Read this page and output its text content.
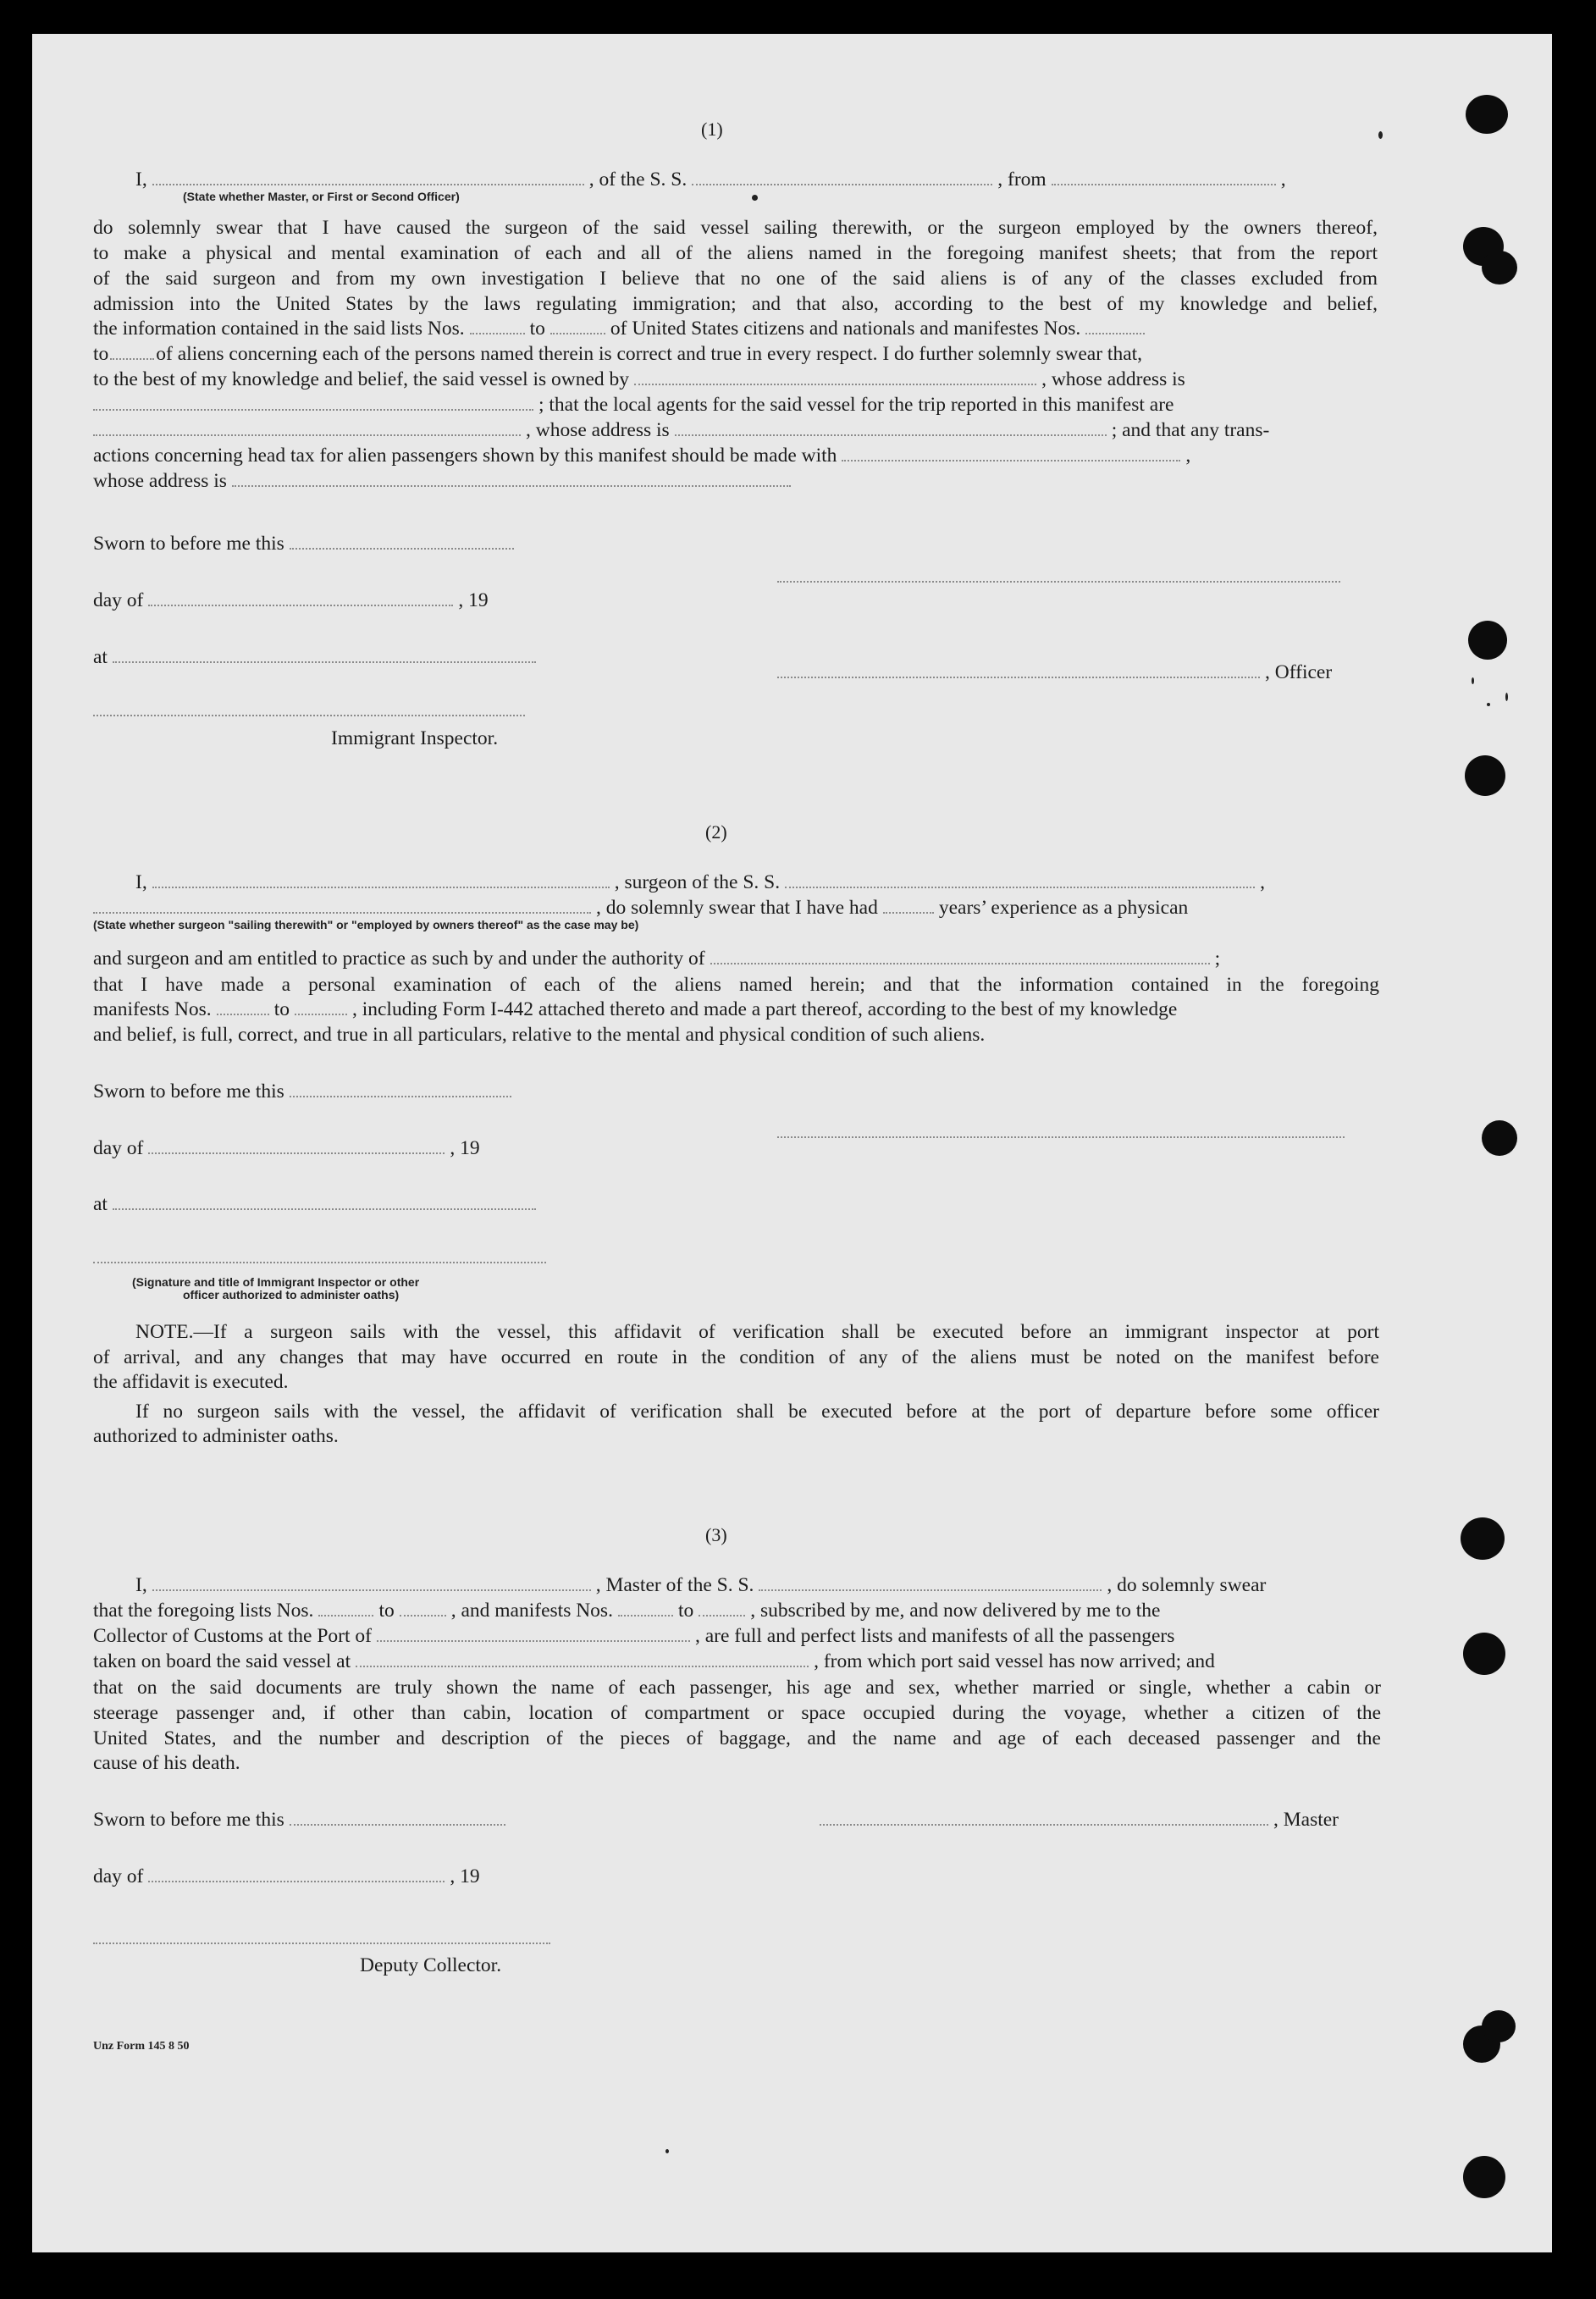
(1)
I,	, of the S. S.	, from	,
(State whether Master, or First or Second Officer)
do solemnly swear that I have caused the surgeon of the said vessel sailing therewith, or the surgeon employed by the owners thereof,
to make a physical and mental examination of each and all of the aliens named in the foregoing manifest sheets; that from the report
of the said surgeon and from my own investigation I believe that no one of the said aliens is of any of the classes excluded from
admission into the United States by the laws regulating immigration; and that also, according to the best of my knowledge and belief,
the information contained in the said lists Nos.	to	of United States citizens and nationals and manifestes Nos.
to of aliens concerning each of the persons named therein is correct and true in every respect. I do further solemnly swear that,
to the best of my knowledge and belief, the said vessel is owned by	, whose address is
; that the local agents for the said vessel for the trip reported in this manifest are
, whose address is	; and that any trans-
actions concerning head tax for alien passengers shown by this manifest should be made with	,
whose address is
Sworn to before me this
day of	, 19
at
, Officer
Immigrant Inspector.
(2)
I,	, surgeon of the S. S.	,
, do solemnly swear that I have had	years’ experience as a physican
(State whether surgeon "sailing therewith" or "employed by owners thereof" as the case may be)
and surgeon and am entitled to practice as such by and under the authority of	;
that I have made a personal examination of each of the aliens named herein; and that the information contained in the foregoing
manifests Nos.	to	, including Form I-442 attached thereto and made a part thereof, according to the best of my knowledge
and belief, is full, correct, and true in all particulars, relative to the mental and physical condition of such aliens.
Sworn to before me this
day of	, 19
at
(Signature and title of Immigrant Inspector or other
officer authorized to administer oaths)
NOTE.—If a surgeon sails with the vessel, this affidavit of verification shall be executed before an immigrant inspector at port
of arrival, and any changes that may have occurred en route in the condition of any of the aliens must be noted on the manifest before
the affidavit is executed.
If no surgeon sails with the vessel, the affidavit of verification shall be executed before at the port of departure before some officer
authorized to administer oaths.
(3)
I,	, Master of the S. S.	, do solemnly swear
that the foregoing lists Nos.	to	, and manifests Nos.	to	, subscribed by me, and now delivered by me to the
Collector of Customs at the Port of	, are full and perfect lists and manifests of all the passengers
taken on board the said vessel at	, from which port said vessel has now arrived; and
that on the said documents are truly shown the name of each passenger, his age and sex, whether married or single, whether a cabin or
steerage passenger and, if other than cabin, location of compartment or space occupied during the voyage, whether a citizen of the
United States, and the number and description of the pieces of baggage, and the name and age of each deceased passenger and the
cause of his death.
Sworn to before me this	, Master
day of	, 19
Deputy Collector.
Unz Form 145 8 50
